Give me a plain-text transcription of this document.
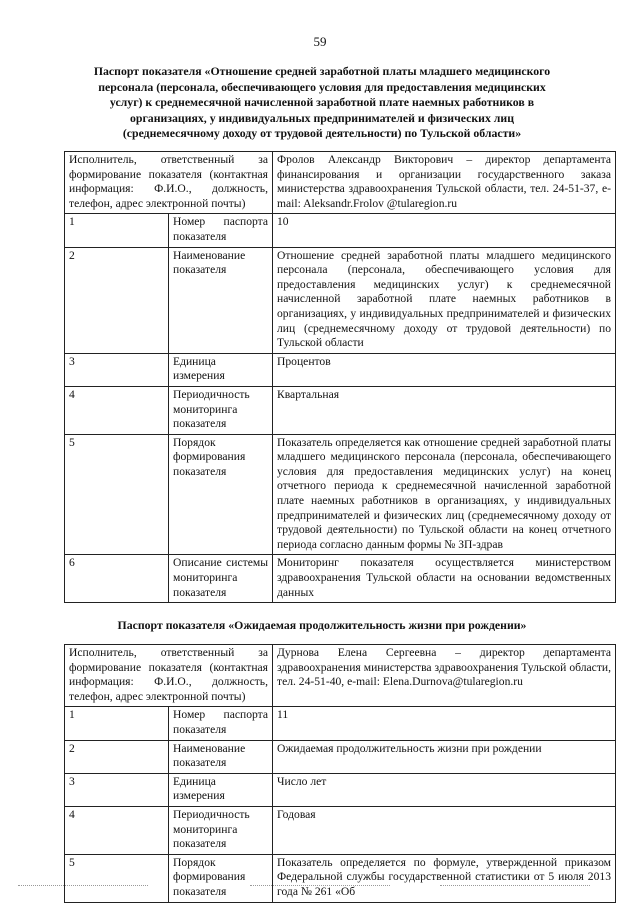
59

Паспорт показателя «Отношение средней заработной платы младшего медицинского персонала (персонала, обеспечивающего условия для предоставления медицинских услуг) к среднемесячной начисленной заработной плате наемных работников в организациях, у индивидуальных предпринимателей и физических лиц (среднемесячному доходу от трудовой деятельности) по Тульской области»

Исполнитель, ответственный за формирование показателя (контактная информация: Ф.И.О., должность, телефон, адрес электронной почты)		Фролов Александр Викторович – директор департамента финансирования и организации государственного заказа министерства здравоохранения Тульской области, тел. 24-51-37, e-mail: Aleksandr.Frolov @tularegion.ru
1	Номер паспорта показателя	10
2	Наименование показателя	Отношение средней заработной платы младшего медицинского персонала (персонала, обеспечивающего условия для предоставления медицинских услуг) к среднемесячной начисленной заработной плате наемных работников в организациях, у индивидуальных предпринимателей и физических лиц (среднемесячному доходу от трудовой деятельности) по Тульской области
3	Единица измерения	Процентов
4	Периодичность мониторинга показателя	Квартальная
5	Порядок формирования показателя	Показатель определяется как отношение средней заработной платы младшего медицинского персонала (персонала, обеспечивающего условия для предоставления медицинских услуг) на конец отчетного периода к среднемесячной начисленной заработной плате наемных работников в организациях, у индивидуальных предпринимателей и физических лиц (среднемесячному доходу от трудовой деятельности) по Тульской области на конец отчетного периода согласно данным формы № ЗП-здрав
6	Описание системы мониторинга показателя	Мониторинг показателя осуществляется министерством здравоохранения Тульской области на основании ведомственных данных

Паспорт показателя «Ожидаемая продолжительность жизни при рождении»

Исполнитель, ответственный за формирование показателя (контактная информация: Ф.И.О., должность, телефон, адрес электронной почты)		Дурнова Елена Сергеевна – директор департамента здравоохранения министерства здравоохранения Тульской области, тел. 24-51-40, e-mail: Elena.Durnova@tularegion.ru
1	Номер паспорта показателя	11
2	Наименование показателя	Ожидаемая продолжительность жизни при рождении
3	Единица измерения	Число лет
4	Периодичность мониторинга показателя	Годовая
5	Порядок формирования показателя	Показатель определяется по формуле, утвержденной приказом Федеральной службы государственной статистики от 5 июля 2013 года № 261 «Об
